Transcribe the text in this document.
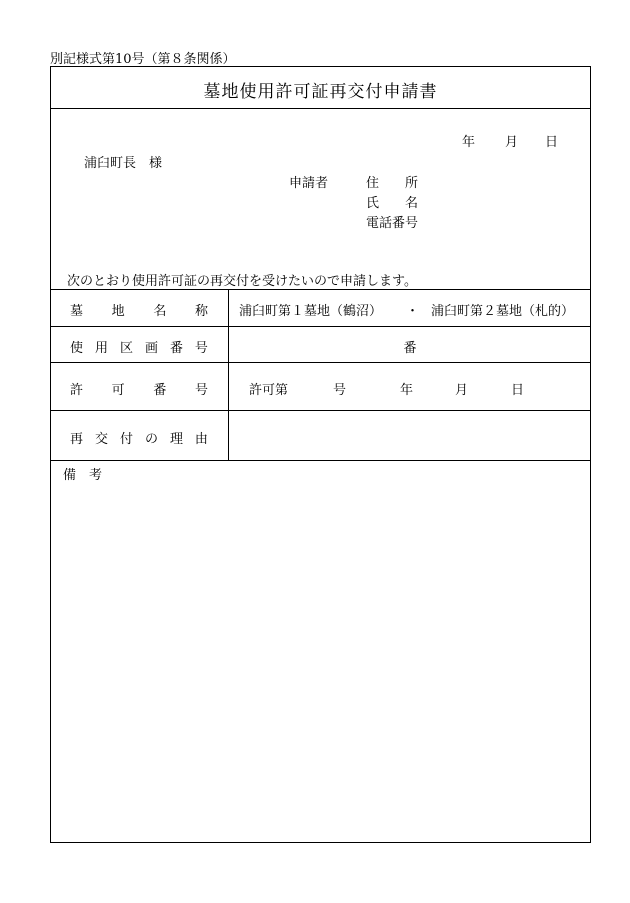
別記様式第10号（第８条関係）
墓地使用許可証再交付申請書
年 月 日
浦臼町長　様
申請者	住　　所
氏　　名
電話番号
次のとおり使用許可証の再交付を受けたいので申請します。
墓 地 名 称 浦臼町第１墓地（鶴沼） ・ 浦臼町第２墓地（札的）
使 用 区 画 番 号	番
許 可 番 号	許可第	号	年	月	日
再 交 付 の 理 由
備　考
